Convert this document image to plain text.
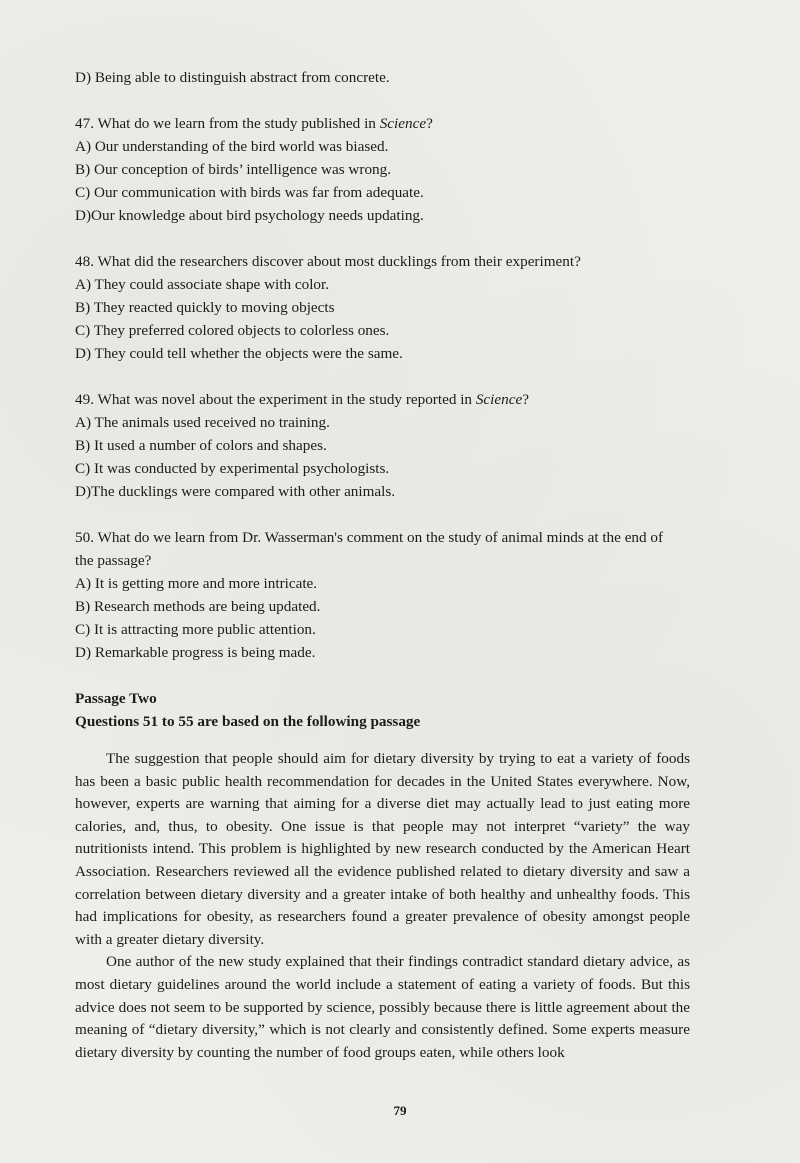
D) Being able to distinguish abstract from concrete.
47. What do we learn from the study published in Science?
A) Our understanding of the bird world was biased.
B) Our conception of birds’ intelligence was wrong.
C) Our communication with birds was far from adequate.
D)Our knowledge about bird psychology needs updating.
48. What did the researchers discover about most ducklings from their experiment?
A) They could associate shape with color.
B) They reacted quickly to moving objects
C) They preferred colored objects to colorless ones.
D) They could tell whether the objects were the same.
49. What was novel about the experiment in the study reported in Science?
A) The animals used received no training.
B) It used a number of colors and shapes.
C) It was conducted by experimental psychologists.
D)The ducklings were compared with other animals.
50. What do we learn from Dr. Wasserman's comment on the study of animal minds at the end of
the passage?
A) It is getting more and more intricate.
B) Research methods are being updated.
C) It is attracting more public attention.
D) Remarkable progress is being made.
Passage Two
Questions 51 to 55 are based on the following passage

The suggestion that people should aim for dietary diversity by trying to eat a variety of foods has been a basic public health recommendation for decades in the United States everywhere. Now, however, experts are warning that aiming for a diverse diet may actually lead to just eating more calories, and, thus, to obesity. One issue is that people may not interpret “variety” the way nutritionists intend. This problem is highlighted by new research conducted by the American Heart Association. Researchers reviewed all the evidence published related to dietary diversity and saw a correlation between dietary diversity and a greater intake of both healthy and unhealthy foods. This had implications for obesity, as researchers found a greater prevalence of obesity amongst people with a greater dietary diversity.

One author of the new study explained that their findings contradict standard dietary advice, as most dietary guidelines around the world include a statement of eating a variety of foods. But this advice does not seem to be supported by science, possibly because there is little agreement about the meaning of “dietary diversity,” which is not clearly and consistently defined. Some experts measure dietary diversity by counting the number of food groups eaten, while others look

79
